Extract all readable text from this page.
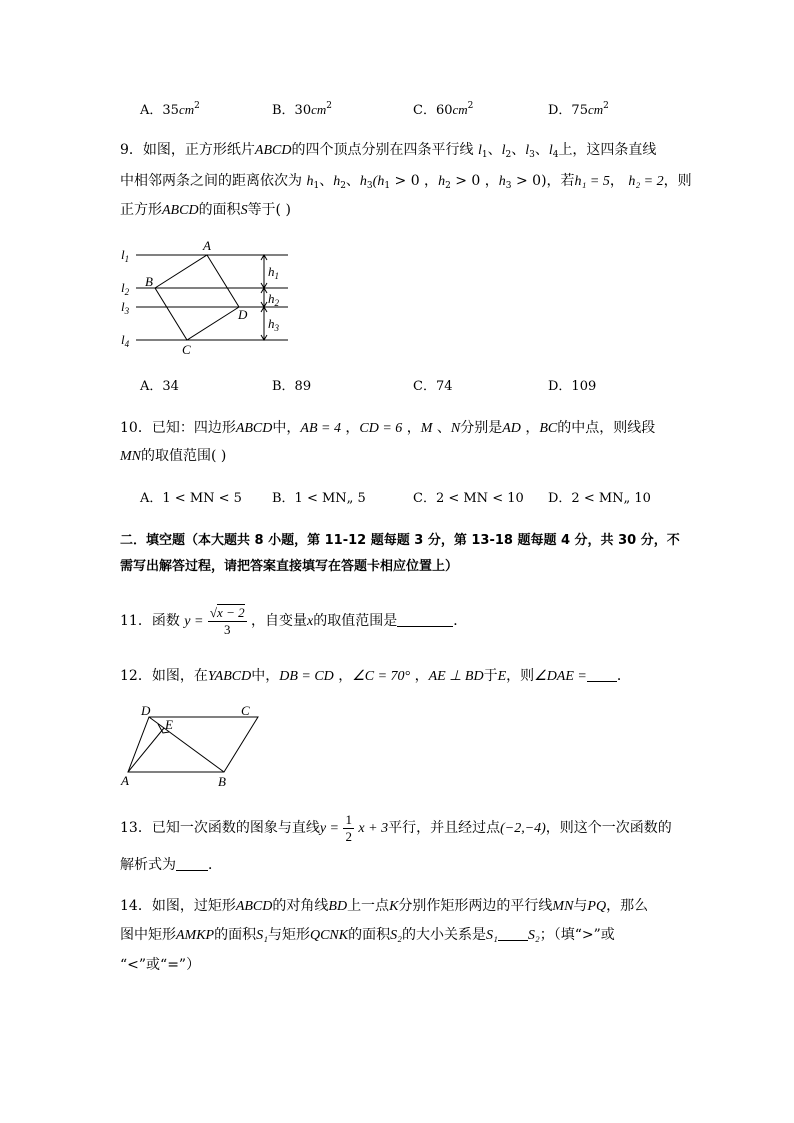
A．$35cm^2$	B．$30cm^2$	C．$60cm^2$	D．$75cm^2$
9．如图，正方形纸片ABCD的四个顶点分别在四条平行线 $l_1$、$l_2$、$l_3$、$l_4$上，这四条直线
中相邻两条之间的距离依次为 $h_1$、$h_2$、$h_3(h_1 > 0$ ，$h_2 > 0$ ，$h_3 > 0$)，若h₁ = 5， h₂ = 2，则
正方形ABCD的面积S等于( )
$l_1$
$l_2$
$l_3$
$l_4$
A
B
C
D
$h_1$
$h_2$
$h_3$
A．34	B．89	C．74	D．109
10．已知：四边形ABCD中，AB = 4 ，CD = 6 ，M 、N分别是AD ，BC的中点，则线段
MN的取值范围( )
A．1 < MN < 5 B．1 < MN„ 5	C．2 < MN < 10 D．2 < MN„ 10
二．填空题（本大题共 8 小题，第 11-12 题每题 3 分，第 13-18 题每题 4 分，共 30 分，不
需写出解答过程，请把答案直接填写在答题卡相应位置上）
11．函数 $y = \frac{√x - 2}{3}$ ，自变量x的取值范围是	．
12．如图，在YABCD中，DB = CD ，∠C = 70° ，AE ⊥ BD于E，则∠DAE = ．
D	C
E
A	B
13．已知一次函数的图象与直线$y = \frac{1}{2}$ x + 3平行，并且经过点(−2,−4)，则这个一次函数的
解析式为 ．
14．如图，过矩形ABCD的对角线BD上一点K分别作矩形两边的平行线MN与PQ，那么
图中矩形AMKP的面积S₁与矩形QCNK的面积S₂的大小关系是S₁ S₂；（填“>”或
“<”或“=”）
